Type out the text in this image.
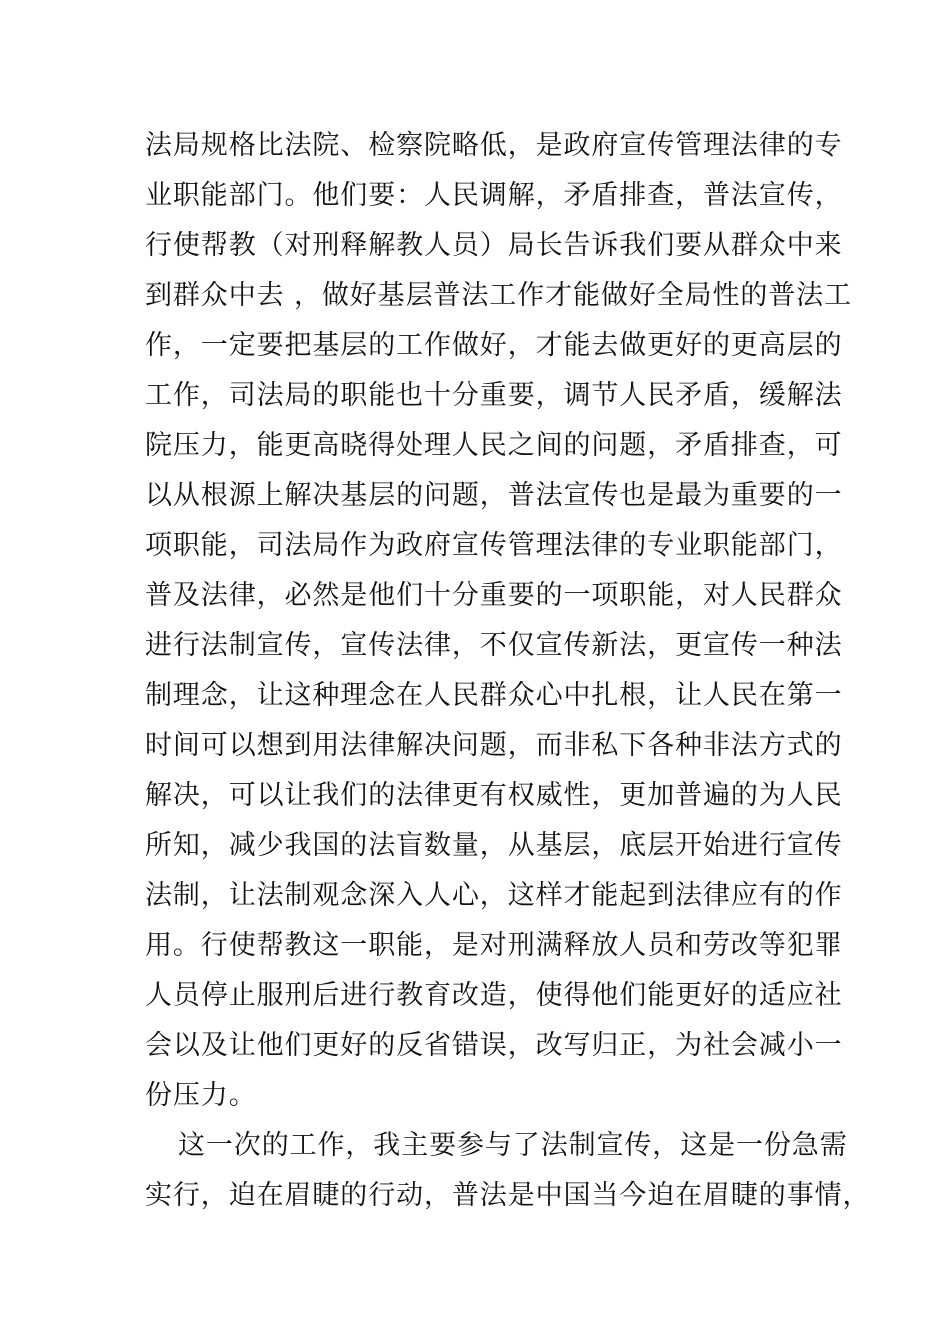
法局规格比法院、检察院略低，是政府宣传管理法律的专
业职能部门。他们要：人民调解，矛盾排查，普法宣传，
行使帮教（对刑释解教人员）局长告诉我们要从群众中来
到群众中去 ，做好基层普法工作才能做好全局性的普法工
作，一定要把基层的工作做好，才能去做更好的更高层的
工作，司法局的职能也十分重要，调节人民矛盾，缓解法
院压力，能更高晓得处理人民之间的问题，矛盾排查，可
以从根源上解决基层的问题，普法宣传也是最为重要的一
项职能，司法局作为政府宣传管理法律的专业职能部门，
普及法律，必然是他们十分重要的一项职能，对人民群众
进行法制宣传，宣传法律，不仅宣传新法，更宣传一种法
制理念，让这种理念在人民群众心中扎根，让人民在第一
时间可以想到用法律解决问题，而非私下各种非法方式的
解决，可以让我们的法律更有权威性，更加普遍的为人民
所知，减少我国的法盲数量，从基层，底层开始进行宣传
法制，让法制观念深入人心，这样才能起到法律应有的作
用。行使帮教这一职能，是对刑满释放人员和劳改等犯罪
人员停止服刑后进行教育改造，使得他们能更好的适应社
会以及让他们更好的反省错误，改写归正，为社会减小一
份压力。
这一次的工作，我主要参与了法制宣传，这是一份急需
实行，迫在眉睫的行动，普法是中国当今迫在眉睫的事情，
